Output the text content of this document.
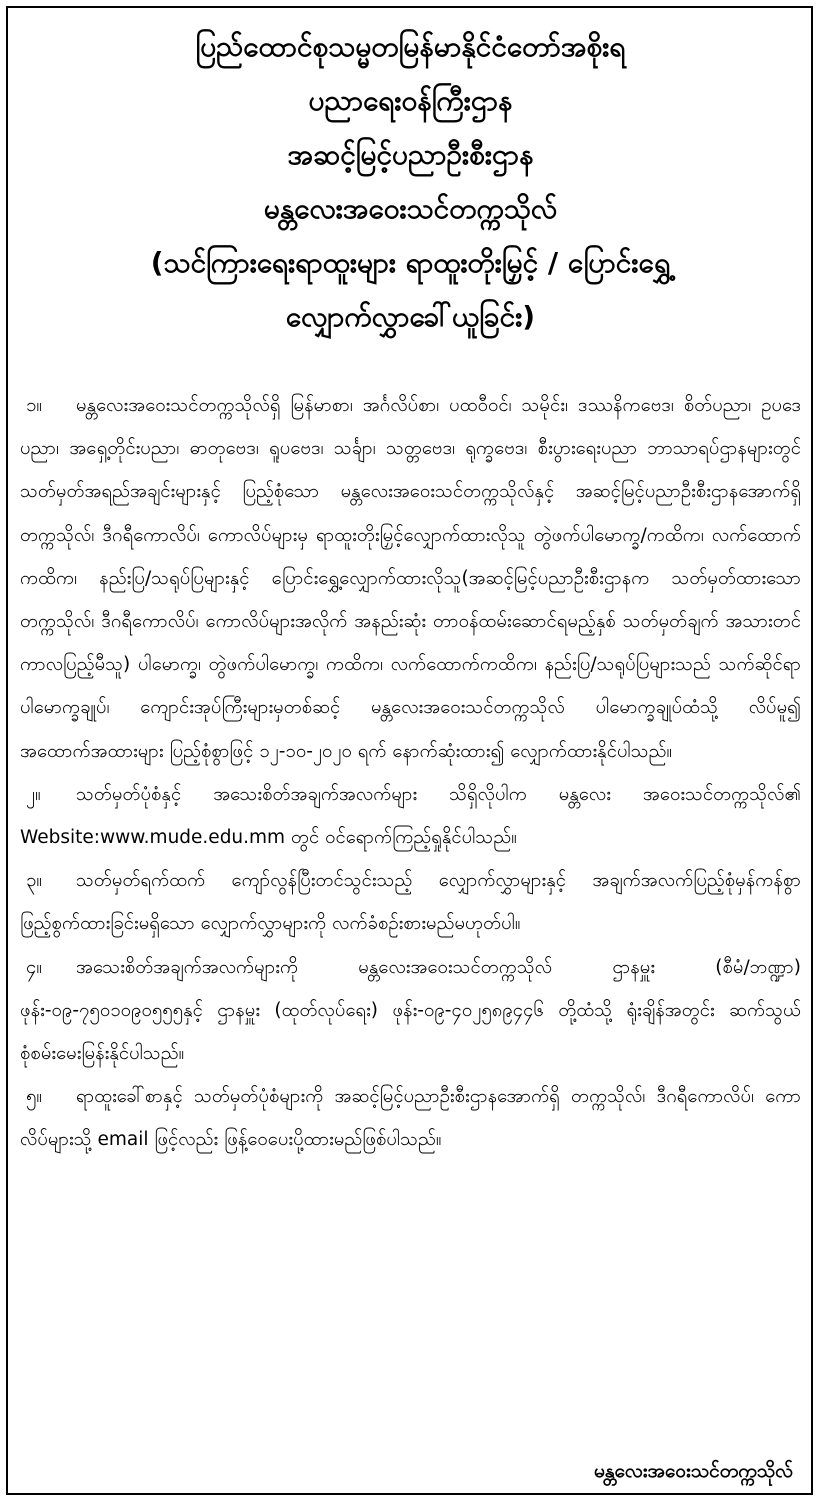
ပြည်ထောင်စုသမ္မတမြန်မာနိုင်ငံတော်အစိုးရ
ပညာရေးဝန်ကြီးဌာန
အဆင့်မြင့်ပညာဦးစီးဌာန
မန္တလေးအဝေးသင်တက္ကသိုလ်
(သင်ကြားရေးရာထူးများ ရာထူးတိုးမြှင့် / ပြောင်းရွှေ့
လျှောက်လွှာခေါ်ယူခြင်း)

၁။ မန္တလေးအဝေးသင်တက္ကသိုလ်ရှိ မြန်မာစာ၊ အင်္ဂလိပ်စာ၊ ပထဝီဝင်၊ သမိုင်း၊ ဒဿနိကဗေဒ၊ စိတ်ပညာ၊ ဥပဒေပညာ၊ အရှေ့တိုင်းပညာ၊ ဓာတုဗေဒ၊ ရူပဗေဒ၊ သင်္ချာ၊ သတ္တဗေဒ၊ ရုက္ခဗေဒ၊ စီးပွားရေးပညာ ဘာသာရပ်ဌာနများတွင် သတ်မှတ်အရည်အချင်းများနှင့် ပြည့်စုံသော မန္တလေးအဝေးသင်တက္ကသိုလ်နှင့် အဆင့်မြင့်ပညာဦးစီးဌာနအောက်ရှိ တက္ကသိုလ်၊ ဒီဂရီကောလိပ်၊ ကောလိပ်များမှ ရာထူးတိုးမြှင့်လျှောက်ထားလိုသူ တွဲဖက်ပါမောက္ခ/ကထိက၊ လက်ထောက်ကထိက၊ နည်းပြ/သရုပ်ပြများနှင့် ပြောင်းရွှေ့လျှောက်ထားလိုသူ(အဆင့်မြင့်ပညာဦးစီးဌာနက သတ်မှတ်ထားသော တက္ကသိုလ်၊ ဒီဂရီကောလိပ်၊ ကောလိပ်များအလိုက် အနည်းဆုံး တာဝန်ထမ်းဆောင်ရမည့်နှစ် သတ်မှတ်ချက် အသားတင်ကာလပြည့်မီသူ) ပါမောက္ခ၊ တွဲဖက်ပါမောက္ခ၊ ကထိက၊ လက်ထောက်ကထိက၊ နည်းပြ/သရုပ်ပြများသည် သက်ဆိုင်ရာ ပါမောက္ခချုပ်၊ ကျောင်းအုပ်ကြီးများမှတစ်ဆင့် မန္တလေးအဝေးသင်တက္ကသိုလ် ပါမောက္ခချုပ်ထံသို့ လိပ်မူ၍ အထောက်အထားများ ပြည့်စုံစွာဖြင့် ၁၂-၁၀-၂၀၂၀ ရက် နောက်ဆုံးထား၍ လျှောက်ထားနိုင်ပါသည်။

၂။ သတ်မှတ်ပုံစံနှင့် အသေးစိတ်အချက်အလက်များ သိရှိလိုပါက မန္တလေး အဝေးသင်တက္ကသိုလ်၏ Website:www.mude.edu.mm တွင် ဝင်ရောက်ကြည့်ရှုနိုင်ပါသည်။

၃။ သတ်မှတ်ရက်ထက် ကျော်လွန်ပြီးတင်သွင်းသည့် လျှောက်လွှာများနှင့် အချက်အလက်ပြည့်စုံမှန်ကန်စွာ ဖြည့်စွက်ထားခြင်းမရှိသော လျှောက်လွှာများကို လက်ခံစဉ်းစားမည်မဟုတ်ပါ။

၄။ အသေးစိတ်အချက်အလက်များကို မန္တလေးအဝေးသင်တက္ကသိုလ် ဌာနမှူး (စီမံ/ဘဏ္ဍာ) ဖုန်း-၀၉-၇၅၀၁၀၉၀၅၅၅နှင့် ဌာနမှူး (ထုတ်လုပ်ရေး) ဖုန်း-၀၉-၄၀၂၅၈၉၄၄၆ တို့ထံသို့ ရုံးချိန်အတွင်း ဆက်သွယ်စုံစမ်းမေးမြန်းနိုင်ပါသည်။

၅။ ရာထူးခေါ်စာနှင့် သတ်မှတ်ပုံစံများကို အဆင့်မြင့်ပညာဦးစီးဌာနအောက်ရှိ တက္ကသိုလ်၊ ဒီဂရီကောလိပ်၊ ကောလိပ်များသို့ email ဖြင့်လည်း ဖြန့်ဝေပေးပို့ထားမည်ဖြစ်ပါသည်။

မန္တလေးအဝေးသင်တက္ကသိုလ်
